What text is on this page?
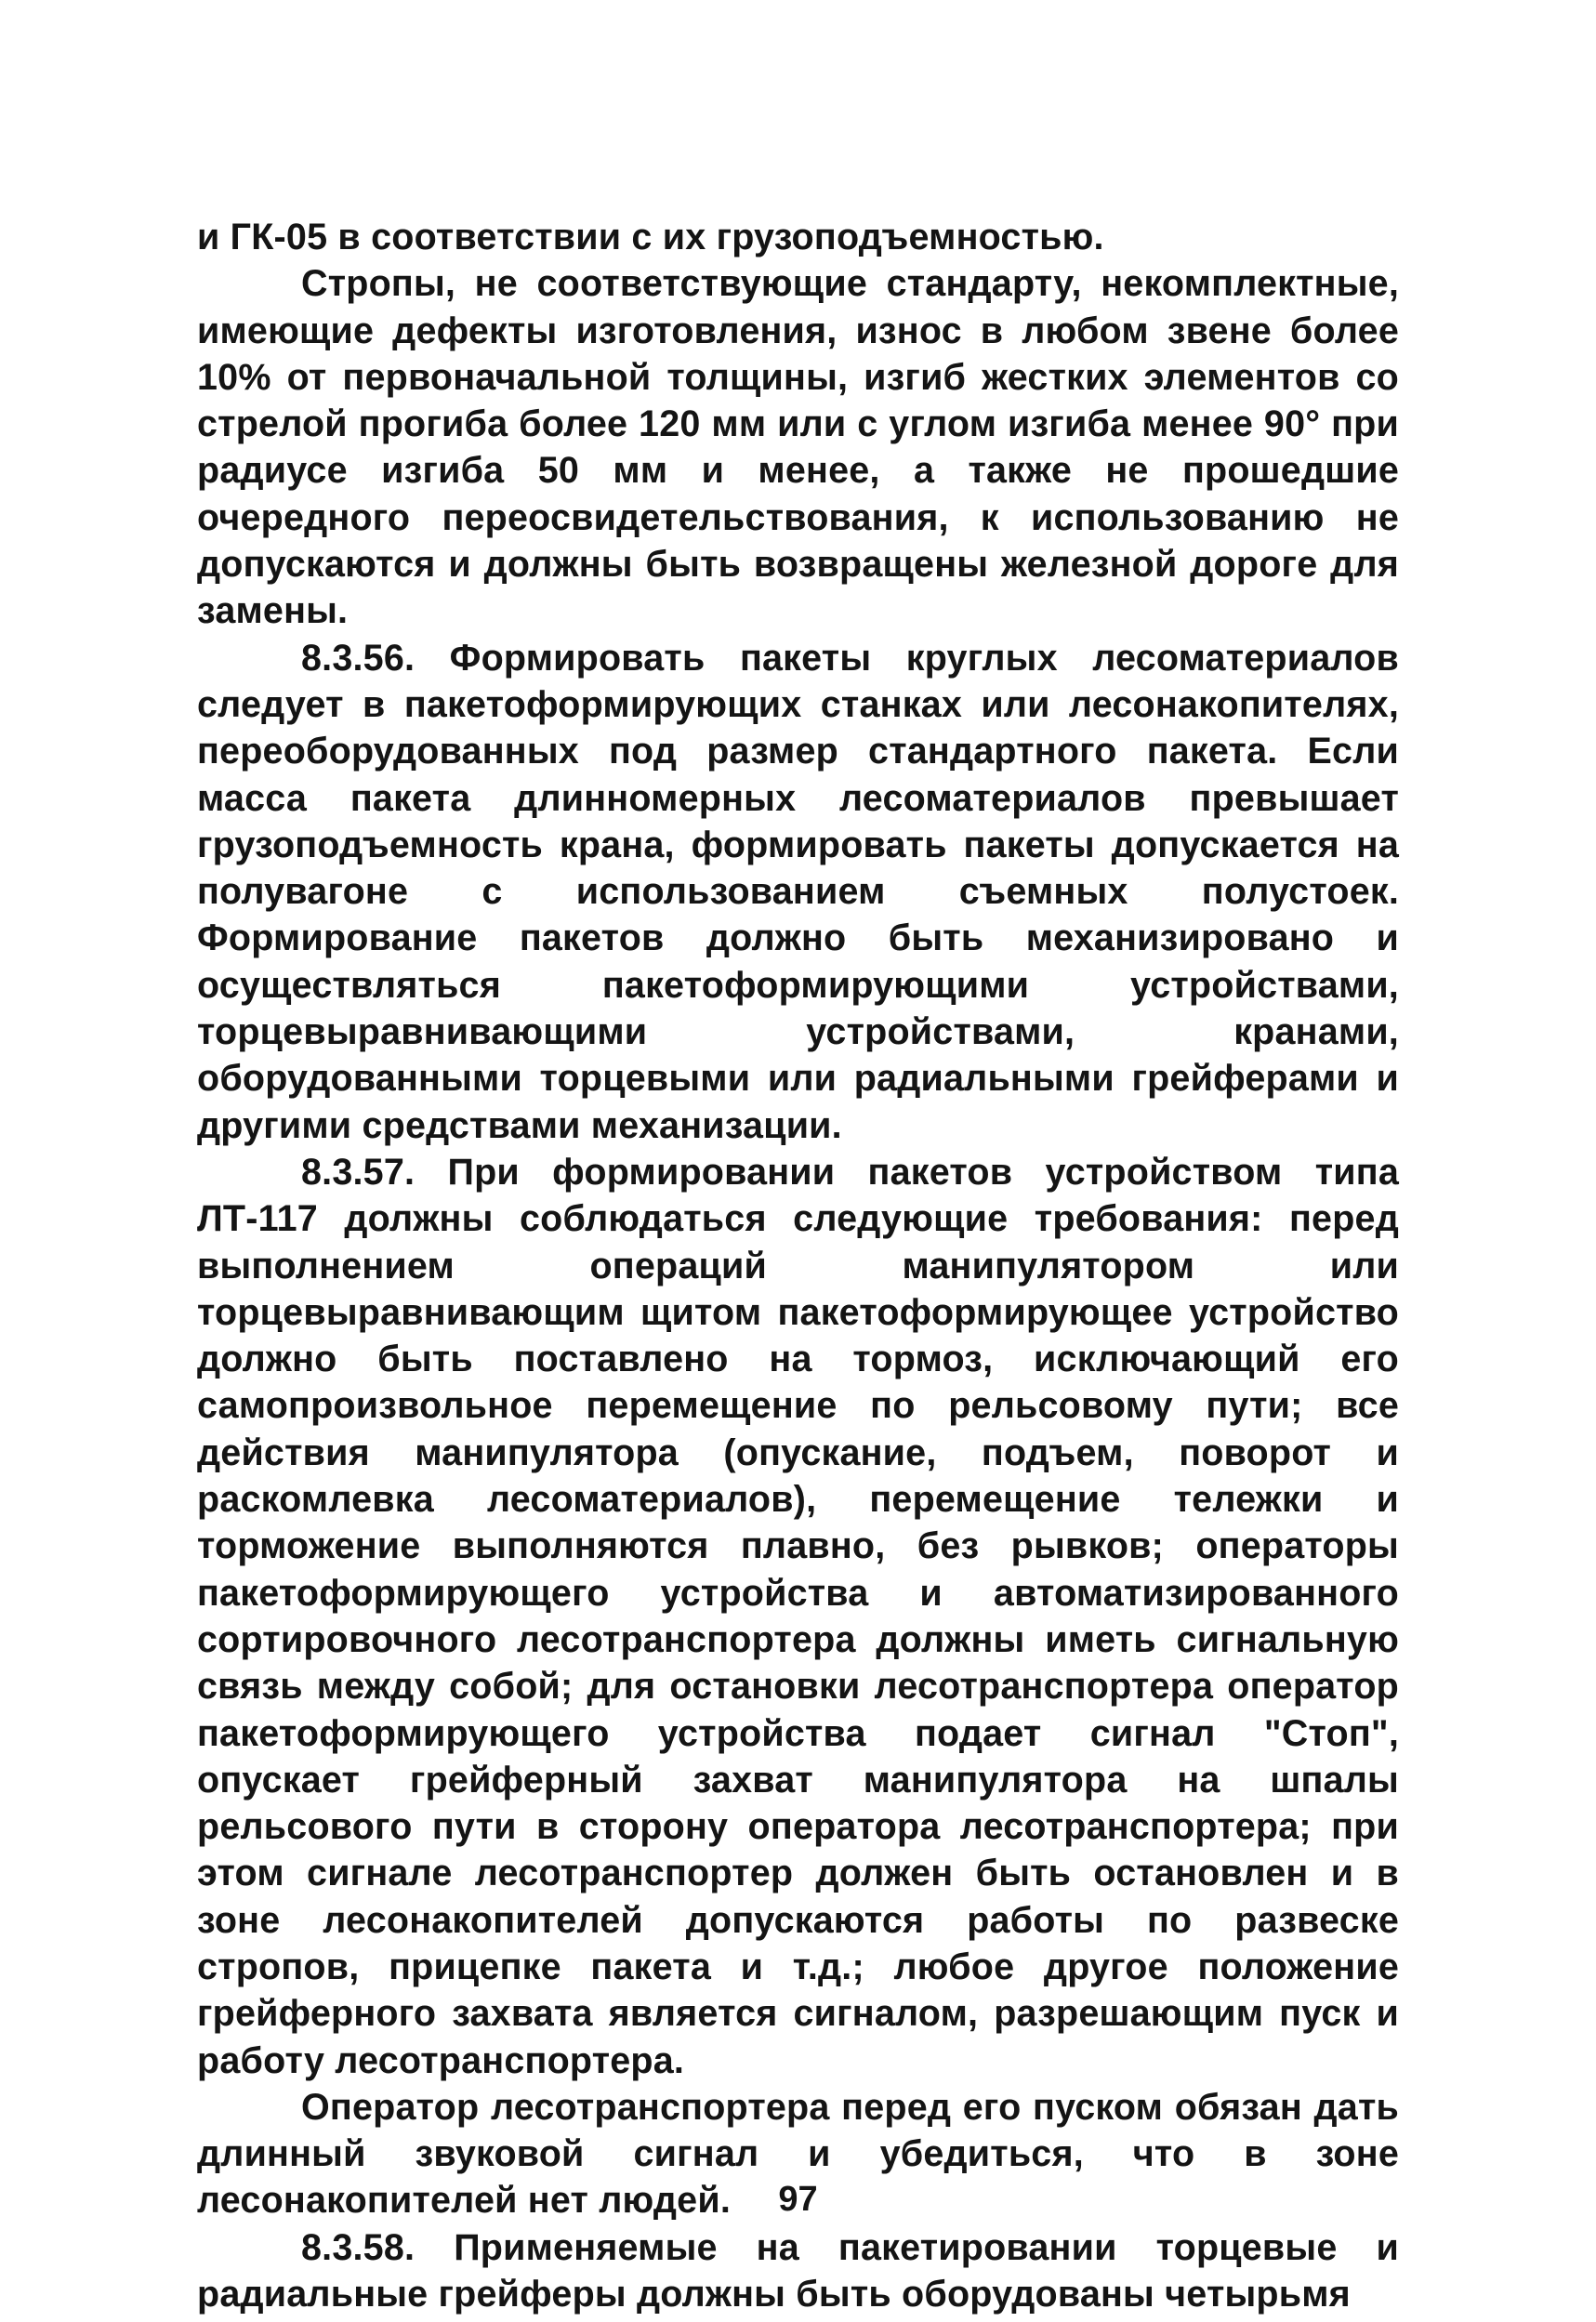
и ГК-05 в соответствии с их грузоподъемностью.

Стропы, не соответствующие стандарту, некомплектные, имеющие дефекты изготовления, износ в любом звене более 10% от первоначальной толщины, изгиб жестких элементов со стрелой прогиба более 120 мм или с углом изгиба менее 90° при радиусе изгиба 50 мм и менее, а также не прошедшие очередного переосвидетельствования, к использованию не допускаются и должны быть возвращены железной дороге для замены.

8.3.56. Формировать пакеты круглых лесоматериалов следует в пакетоформирующих станках или лесонакопителях, переоборудованных под размер стандартного пакета. Если масса пакета длинномерных лесоматериалов превышает грузоподъемность крана, формировать пакеты допускается на полувагоне с использованием съемных полустоек. Формирование пакетов должно быть механизировано и осуществляться пакетоформирующими устройствами, торцевыравнивающими устройствами, кранами, оборудованными торцевыми или радиальными грейферами и другими средствами механизации.

8.3.57. При формировании пакетов устройством типа ЛТ-117 должны соблюдаться следующие требования: перед выполнением операций манипулятором или торцевыравнивающим щитом пакетоформирующее устройство должно быть поставлено на тормоз, исключающий его самопроизвольное перемещение по рельсовому пути; все действия манипулятора (опускание, подъем, поворот и раскомлевка лесоматериалов), перемещение тележки и торможение выполняются плавно, без рывков; операторы пакетоформирующего устройства и автоматизированного сортировочного лесотранспортера должны иметь сигнальную связь между собой; для остановки лесотранспортера оператор пакетоформирующего устройства подает сигнал "Стоп", опускает грейферный захват манипулятора на шпалы рельсового пути в сторону оператора лесотранспортера; при этом сигнале лесотранспортер должен быть остановлен и в зоне лесонакопителей допускаются работы по развеске стропов, прицепке пакета и т.д.; любое другое положение грейферного захвата является сигналом, разрешающим пуск и работу лесотранспортера.

Оператор лесотранспортера перед его пуском обязан дать длинный звуковой сигнал и убедиться, что в зоне лесонакопителей нет людей.

8.3.58. Применяемые на пакетировании торцевые и радиальные грейферы должны быть оборудованы четырьмя

97
